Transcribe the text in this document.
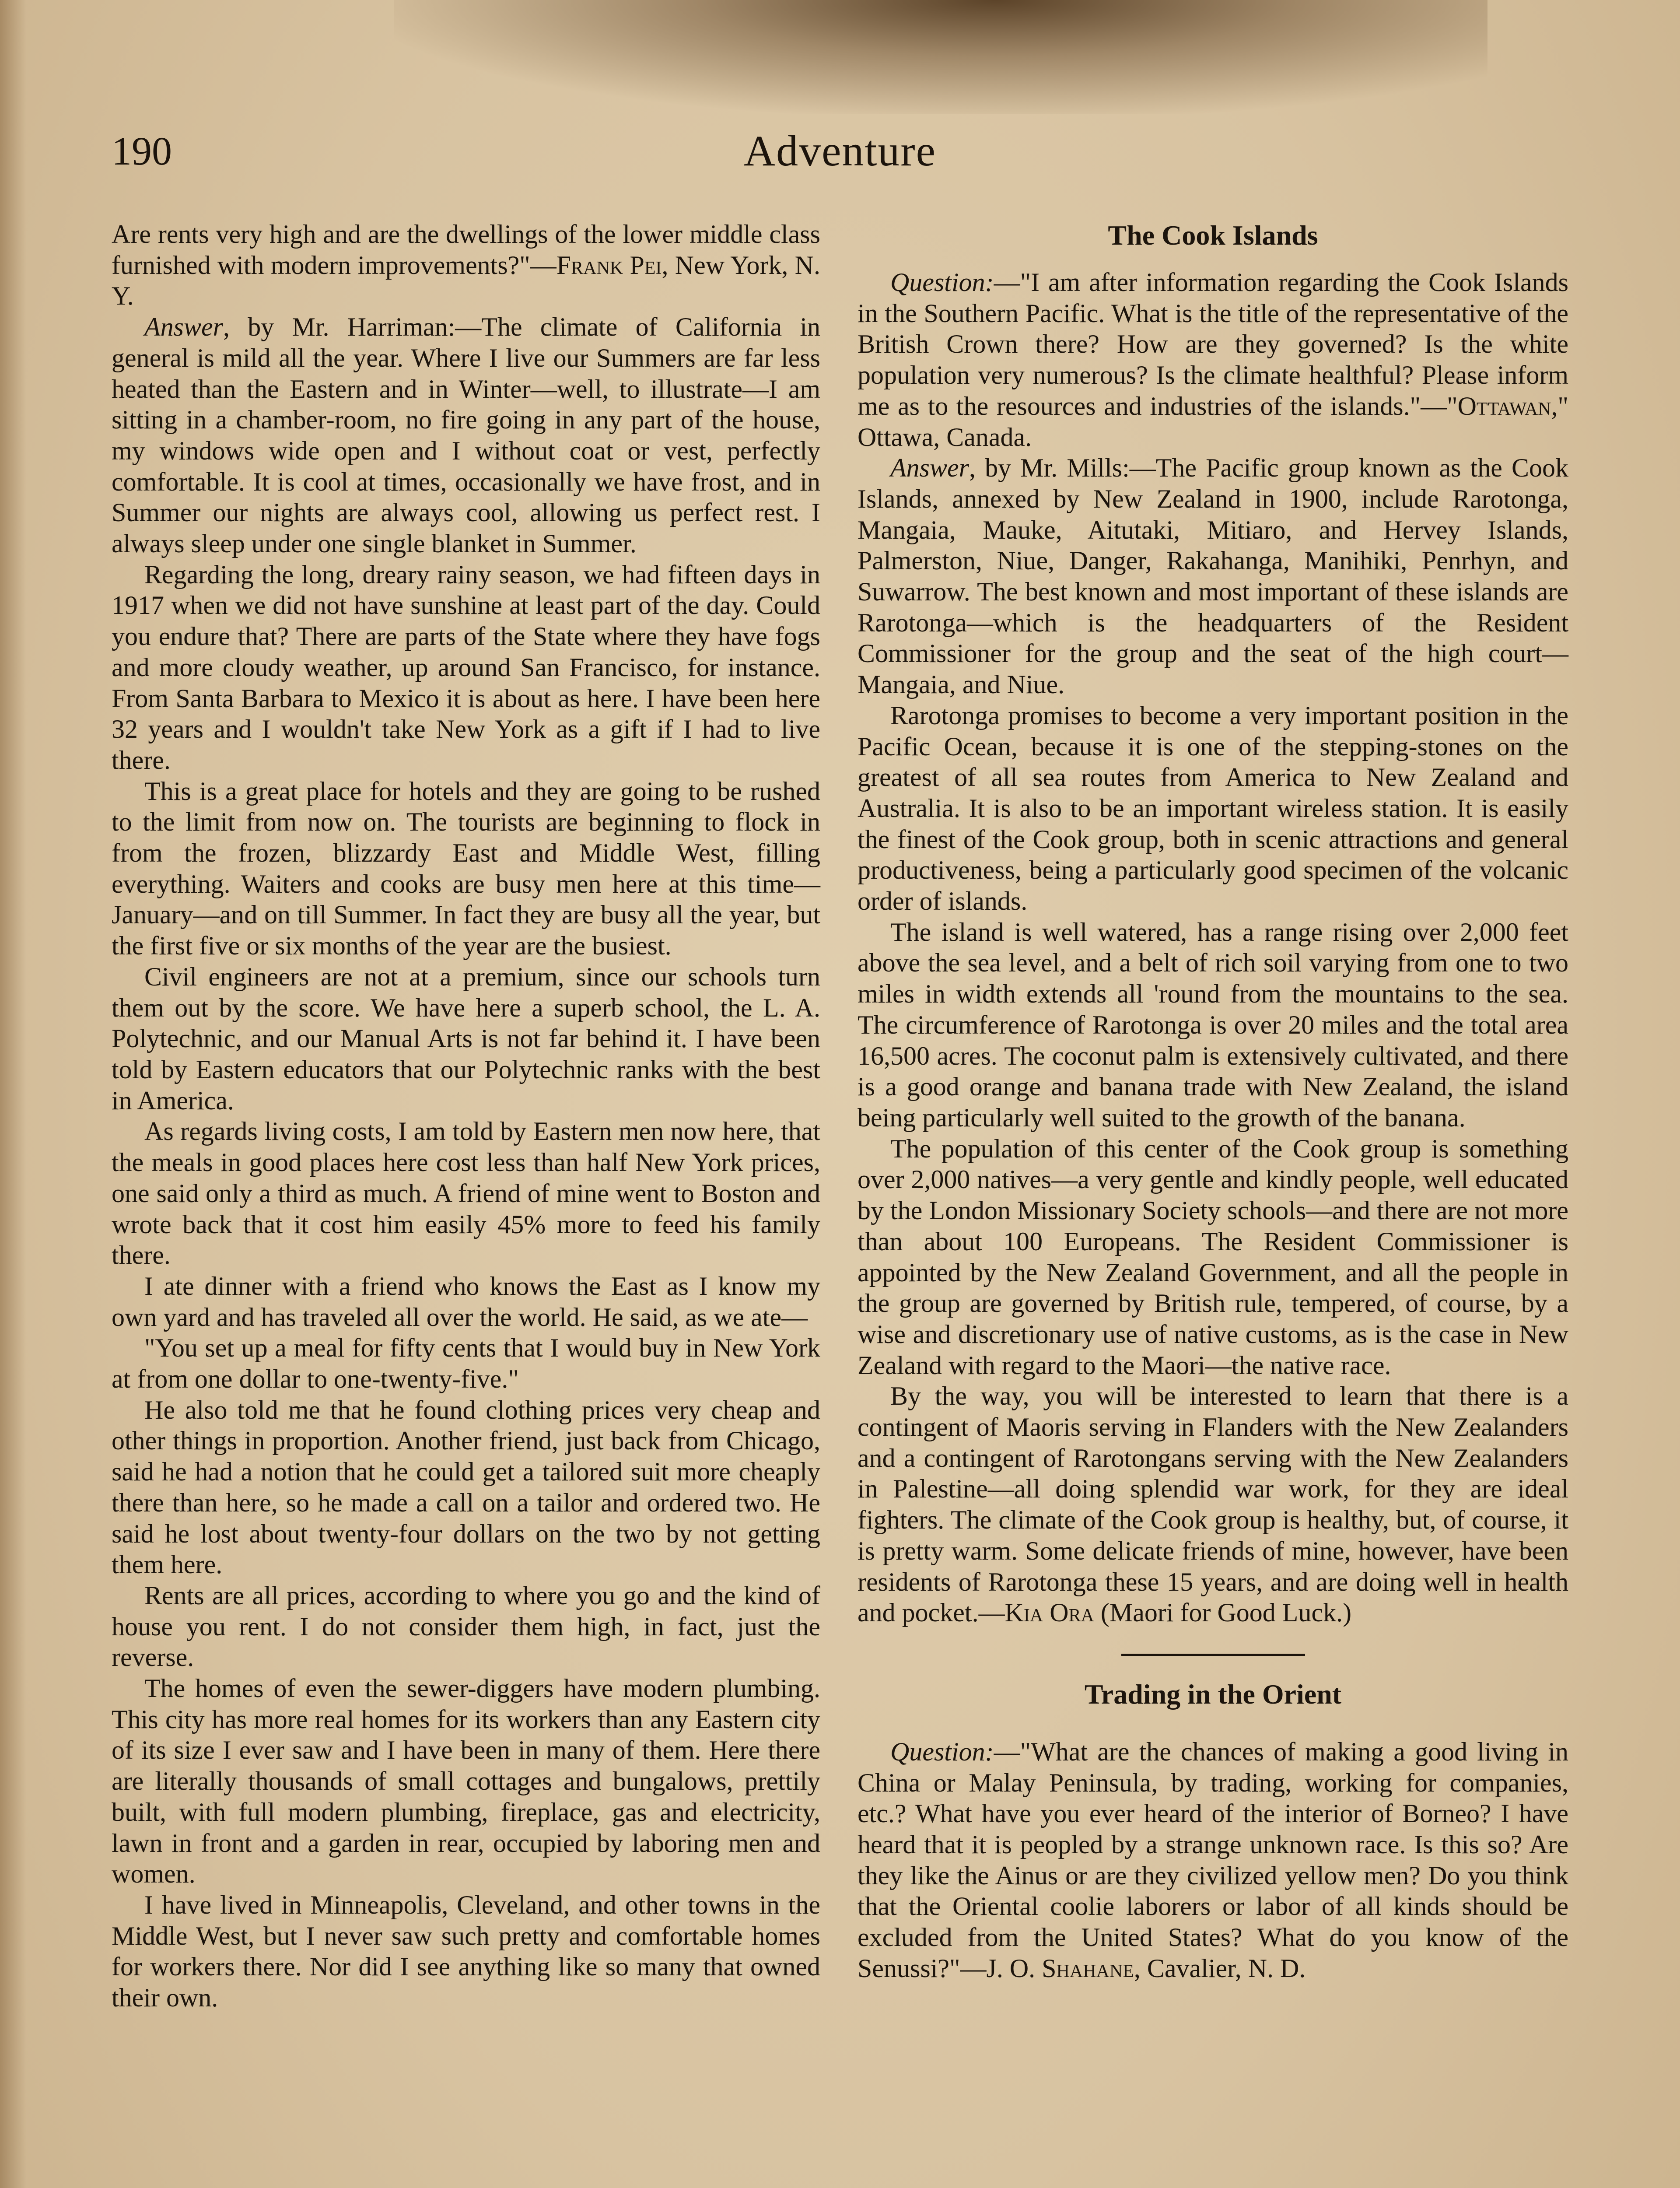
190	Adventure

Are rents very high and are the dwellings of the lower middle class furnished with modern improvements?"—Frank Pei, New York, N. Y.

Answer, by Mr. Harriman:—The climate of California in general is mild all the year. Where I live our Summers are far less heated than the Eastern and in Winter—well, to illustrate—I am sitting in a chamber-room, no fire going in any part of the house, my windows wide open and I without coat or vest, perfectly comfortable. It is cool at times, occasionally we have frost, and in Summer our nights are always cool, allowing us perfect rest. I always sleep under one single blanket in Summer.

Regarding the long, dreary rainy season, we had fifteen days in 1917 when we did not have sunshine at least part of the day. Could you endure that? There are parts of the State where they have fogs and more cloudy weather, up around San Francisco, for instance. From Santa Barbara to Mexico it is about as here. I have been here 32 years and I wouldn't take New York as a gift if I had to live there.

This is a great place for hotels and they are going to be rushed to the limit from now on. The tourists are beginning to flock in from the frozen, blizzardy East and Middle West, filling everything. Waiters and cooks are busy men here at this time—January—and on till Summer. In fact they are busy all the year, but the first five or six months of the year are the busiest.

Civil engineers are not at a premium, since our schools turn them out by the score. We have here a superb school, the L. A. Polytechnic, and our Manual Arts is not far behind it. I have been told by Eastern educators that our Polytechnic ranks with the best in America.

As regards living costs, I am told by Eastern men now here, that the meals in good places here cost less than half New York prices, one said only a third as much. A friend of mine went to Boston and wrote back that it cost him easily 45% more to feed his family there.

I ate dinner with a friend who knows the East as I know my own yard and has traveled all over the world. He said, as we ate—

"You set up a meal for fifty cents that I would buy in New York at from one dollar to one-twenty-five."

He also told me that he found clothing prices very cheap and other things in proportion. Another friend, just back from Chicago, said he had a notion that he could get a tailored suit more cheaply there than here, so he made a call on a tailor and ordered two. He said he lost about twenty-four dollars on the two by not getting them here.

Rents are all prices, according to where you go and the kind of house you rent. I do not consider them high, in fact, just the reverse.

The homes of even the sewer-diggers have modern plumbing. This city has more real homes for its workers than any Eastern city of its size I ever saw and I have been in many of them. Here there are literally thousands of small cottages and bungalows, prettily built, with full modern plumbing, fireplace, gas and electricity, lawn in front and a garden in rear, occupied by laboring men and women.

I have lived in Minneapolis, Cleveland, and other towns in the Middle West, but I never saw such pretty and comfortable homes for workers there. Nor did I see anything like so many that owned their own.

The Cook Islands

Question:—"I am after information regarding the Cook Islands in the Southern Pacific. What is the title of the representative of the British Crown there? How are they governed? Is the white population very numerous? Is the climate healthful? Please inform me as to the resources and industries of the islands."—"Ottawan," Ottawa, Canada.

Answer, by Mr. Mills:—The Pacific group known as the Cook Islands, annexed by New Zealand in 1900, include Rarotonga, Mangaia, Mauke, Aitutaki, Mitiaro, and Hervey Islands, Palmerston, Niue, Danger, Rakahanga, Manihiki, Penrhyn, and Suwarrow. The best known and most important of these islands are Rarotonga—which is the headquarters of the Resident Commissioner for the group and the seat of the high court—Mangaia, and Niue.

Rarotonga promises to become a very important position in the Pacific Ocean, because it is one of the stepping-stones on the greatest of all sea routes from America to New Zealand and Australia. It is also to be an important wireless station. It is easily the finest of the Cook group, both in scenic attractions and general productiveness, being a particularly good specimen of the volcanic order of islands.

The island is well watered, has a range rising over 2,000 feet above the sea level, and a belt of rich soil varying from one to two miles in width extends all 'round from the mountains to the sea. The circumference of Rarotonga is over 20 miles and the total area 16,500 acres. The coconut palm is extensively cultivated, and there is a good orange and banana trade with New Zealand, the island being particularly well suited to the growth of the banana.

The population of this center of the Cook group is something over 2,000 natives—a very gentle and kindly people, well educated by the London Missionary Society schools—and there are not more than about 100 Europeans. The Resident Commissioner is appointed by the New Zealand Government, and all the people in the group are governed by British rule, tempered, of course, by a wise and discretionary use of native customs, as is the case in New Zealand with regard to the Maori—the native race.

By the way, you will be interested to learn that there is a contingent of Maoris serving in Flanders with the New Zealanders and a contingent of Rarotongans serving with the New Zealanders in Palestine—all doing splendid war work, for they are ideal fighters. The climate of the Cook group is healthy, but, of course, it is pretty warm. Some delicate friends of mine, however, have been residents of Rarotonga these 15 years, and are doing well in health and pocket.—Kia Ora (Maori for Good Luck.)

Trading in the Orient

Question:—"What are the chances of making a good living in China or Malay Peninsula, by trading, working for companies, etc.? What have you ever heard of the interior of Borneo? I have heard that it is peopled by a strange unknown race. Is this so? Are they like the Ainus or are they civilized yellow men? Do you think that the Oriental coolie laborers or labor of all kinds should be excluded from the United States? What do you know of the Senussi?"—J. O. Shahane, Cavalier, N. D.
